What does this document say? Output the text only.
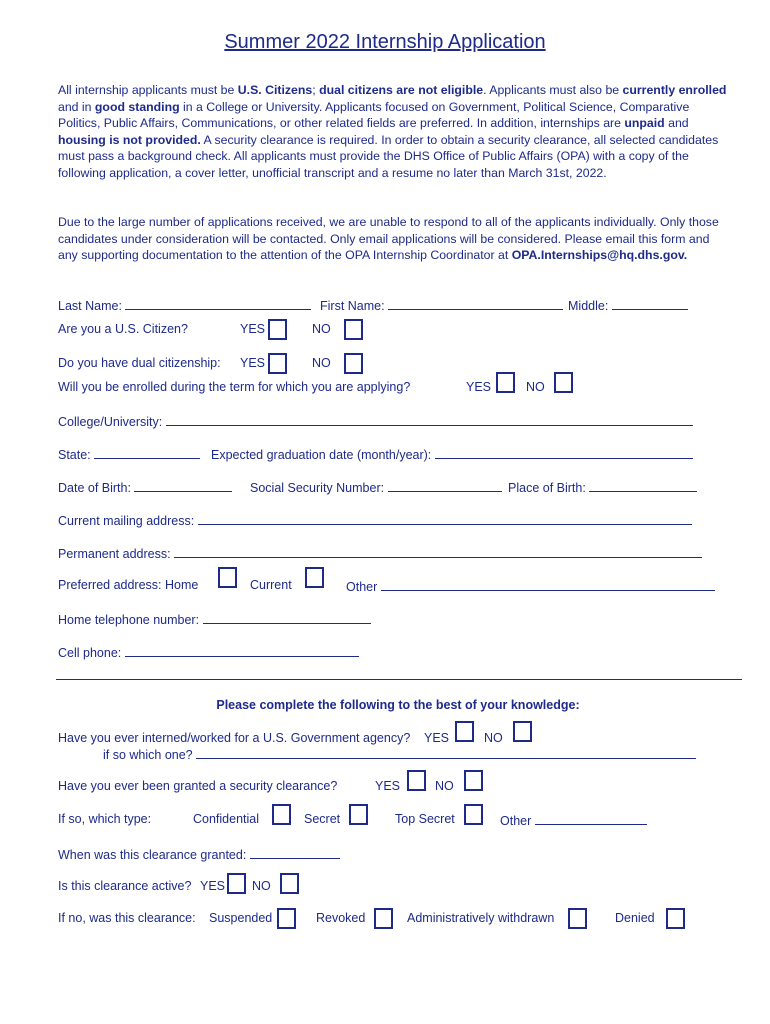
Summer 2022 Internship Application
All internship applicants must be U.S. Citizens; dual citizens are not eligible. Applicants must also be currently enrolled and in good standing in a College or University. Applicants focused on Government, Political Science, Comparative Politics, Public Affairs, Communications, or other related fields are preferred. In addition, internships are unpaid and housing is not provided. A security clearance is required. In order to obtain a security clearance, all selected candidates must pass a background check. All applicants must provide the DHS Office of Public Affairs (OPA) with a copy of the following application, a cover letter, unofficial transcript and a resume no later than March 31st, 2022.
Due to the large number of applications received, we are unable to respond to all of the applicants individually. Only those candidates under consideration will be contacted. Only email applications will be considered. Please email this form and any supporting documentation to the attention of the OPA Internship Coordinator at OPA.Internships@hq.dhs.gov.
Last Name:	First Name:	Middle:
Are you a U.S. Citizen?	YES	NO
Do you have dual citizenship: YES	NO
Will you be enrolled during the term for which you are applying?	YES	NO
College/University:
State:	Expected graduation date (month/year):
Date of Birth:	Social Security Number:	Place of Birth:
Current mailing address:
Permanent address:
Preferred address: Home	Current	Other
Home telephone number:
Cell phone:
Please complete the following to the best of your knowledge:
Have you ever interned/worked for a U.S. Government agency? YES	NO
if so which one?
Have you ever been granted a security clearance?	YES	NO
If so, which type:	Confidential	Secret	Top Secret	Other
When was this clearance granted:
Is this clearance active? YES NO
If no, was this clearance: Suspended	Revoked	Administratively withdrawn	Denied
